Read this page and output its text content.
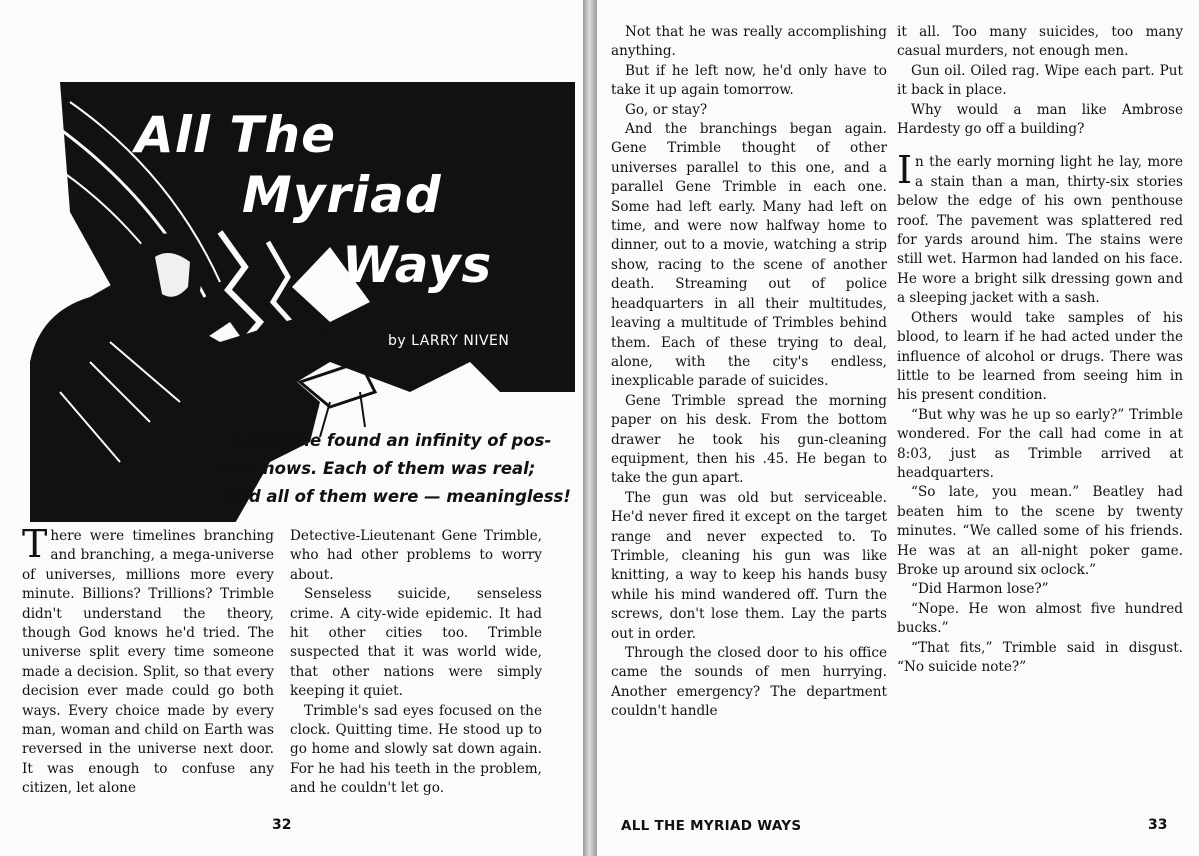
All The
Myriad
Ways
by LARRY NIVEN
Crosstime found an infinity of pos-
sible nows. Each of them was real;
and all of them were — meaningless!

There were timelines branching and branching, a mega-universe of universes, millions more every minute. Billions? Trillions? Trimble didn't understand the theory, though God knows he'd tried. The universe split every time someone made a decision. Split, so that every decision ever made could go both ways. Every choice made by every man, woman and child on Earth was reversed in the universe next door. It was enough to confuse any citizen, let alone

Detective-Lieutenant Gene Trimble, who had other problems to worry about.

Senseless suicide, senseless crime. A city-wide epidemic. It had hit other cities too. Trimble suspected that it was world wide, that other nations were simply keeping it quiet.

Trimble's sad eyes focused on the clock. Quitting time. He stood up to go home and slowly sat down again. For he had his teeth in the problem, and he couldn't let go.

32

Not that he was really accomplishing anything.

But if he left now, he'd only have to take it up again tomorrow.

Go, or stay?

And the branchings began again. Gene Trimble thought of other universes parallel to this one, and a parallel Gene Trimble in each one. Some had left early. Many had left on time, and were now halfway home to dinner, out to a movie, watching a strip show, racing to the scene of another death. Streaming out of police headquarters in all their multitudes, leaving a multitude of Trimbles behind them. Each of these trying to deal, alone, with the city's endless, inexplicable parade of suicides.

Gene Trimble spread the morning paper on his desk. From the bottom drawer he took his gun-cleaning equipment, then his .45. He began to take the gun apart.

The gun was old but serviceable. He'd never fired it except on the target range and never expected to. To Trimble, cleaning his gun was like knitting, a way to keep his hands busy while his mind wandered off. Turn the screws, don't lose them. Lay the parts out in order.

Through the closed door to his office came the sounds of men hurrying. Another emergency? The department couldn't handle

it all. Too many suicides, too many casual murders, not enough men.

Gun oil. Oiled rag. Wipe each part. Put it back in place.

Why would a man like Ambrose Hardesty go off a building?

In the early morning light he lay, more a stain than a man, thirty-six stories below the edge of his own penthouse roof. The pavement was splattered red for yards around him. The stains were still wet. Harmon had landed on his face. He wore a bright silk dressing gown and a sleeping jacket with a sash.

Others would take samples of his blood, to learn if he had acted under the influence of alcohol or drugs. There was little to be learned from seeing him in his present condition.

“But why was he up so early?” Trimble wondered. For the call had come in at 8:03, just as Trimble arrived at headquarters.

“So late, you mean.” Beatley had beaten him to the scene by twenty minutes. “We called some of his friends. He was at an all-night poker game. Broke up around six oclock.”

“Did Harmon lose?”

“Nope. He won almost five hundred bucks.”

“That fits,” Trimble said in disgust. “No suicide note?”

ALL THE MYRIAD WAYS	33
